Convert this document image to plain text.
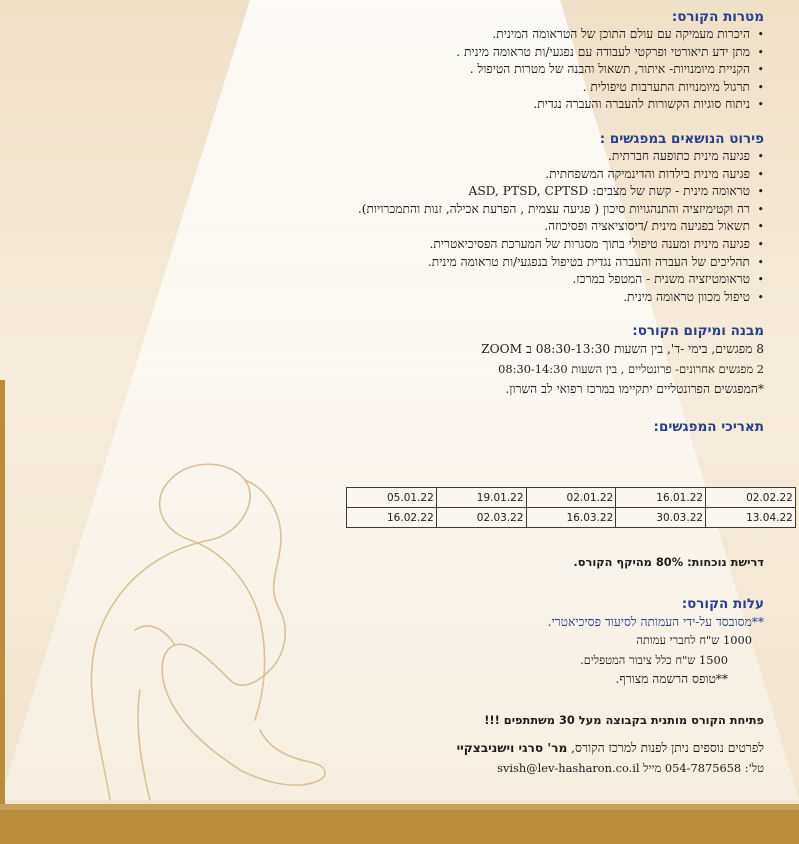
מטרות הקורס:
• היכרות מעמיקה עם עולם התוכן של הטראומה המינית.
• מתן ידע תיאורטי ופרקטי לעבודה עם נפגעי/ות טראומה מינית .
• הקניית מיומנויות- איתור, תשאול והבנה של מטרות הטיפול .
• תרגול מיומנויות התערבות טיפולית .
• ניתוח סוגיות הקשורות להעברה והעברה נגדית.
פירוט הנושאים במפגשים :
• פגיעה מינית כתופעה חברתית.
• פגיעה מינית בילדות והדינמיקה המשפחתית.
• טראומה מינית - קשת של מצבים: ASD, PTSD, CPTSD
• רה וקטימיזציה והתנהגויות סיכון ( פגיעה עצמית , הפרעת אכילה, זנות והתמכרויות).
• תשאול בפגיעה מינית /דיסוציאציה ופסיכוזה.
• פגיעה מינית ומענה טיפולי בתוך מסגרות של המערכת הפסיכיאטרית.
• תהליכים של העברה והעברה נגדית בטיפול בנפגעי/ות טראומה מינית.
• טראומטיזציה משנית - המטפל במרכז.
• טיפול מכוון טראומה מינית.
מבנה ומיקום הקורס:
8 מפגשים, בימי -ד', בין השעות 08:30-13:30 ב ZOOM
2 מפגשים אחרונים- פרונטליים , בין השעות 08:30-14:30
*המפגשים הפרונטליים יתקיימו במרכז רפואי לב השרון.
תאריכי המפגשים:
05.01.22	19.01.22	02.01.22	16.01.22	02.02.22

16.02.22	02.03.22	16.03.22	30.03.22	13.04.22
דרישת נוכחות: 80% מהיקף הקורס.
עלות הקורס:
**מסובסד על-ידי העמותה לסיעוד פסיכיאטרי.
1000 ש"ח לחברי עמותה
1500 ש"ח כלל ציבור המטפלים.
**טופס הרשמה מצורף.
פתיחת הקורס מותנית בקבוצה מעל 30 משתתפים !!!
לפרטים נוספים ניתן לפנות למרכז הקורס, מר' סרגי וישניבצקיי
טל': 054-7875658 מייל svish@lev-hasharon.co.il
